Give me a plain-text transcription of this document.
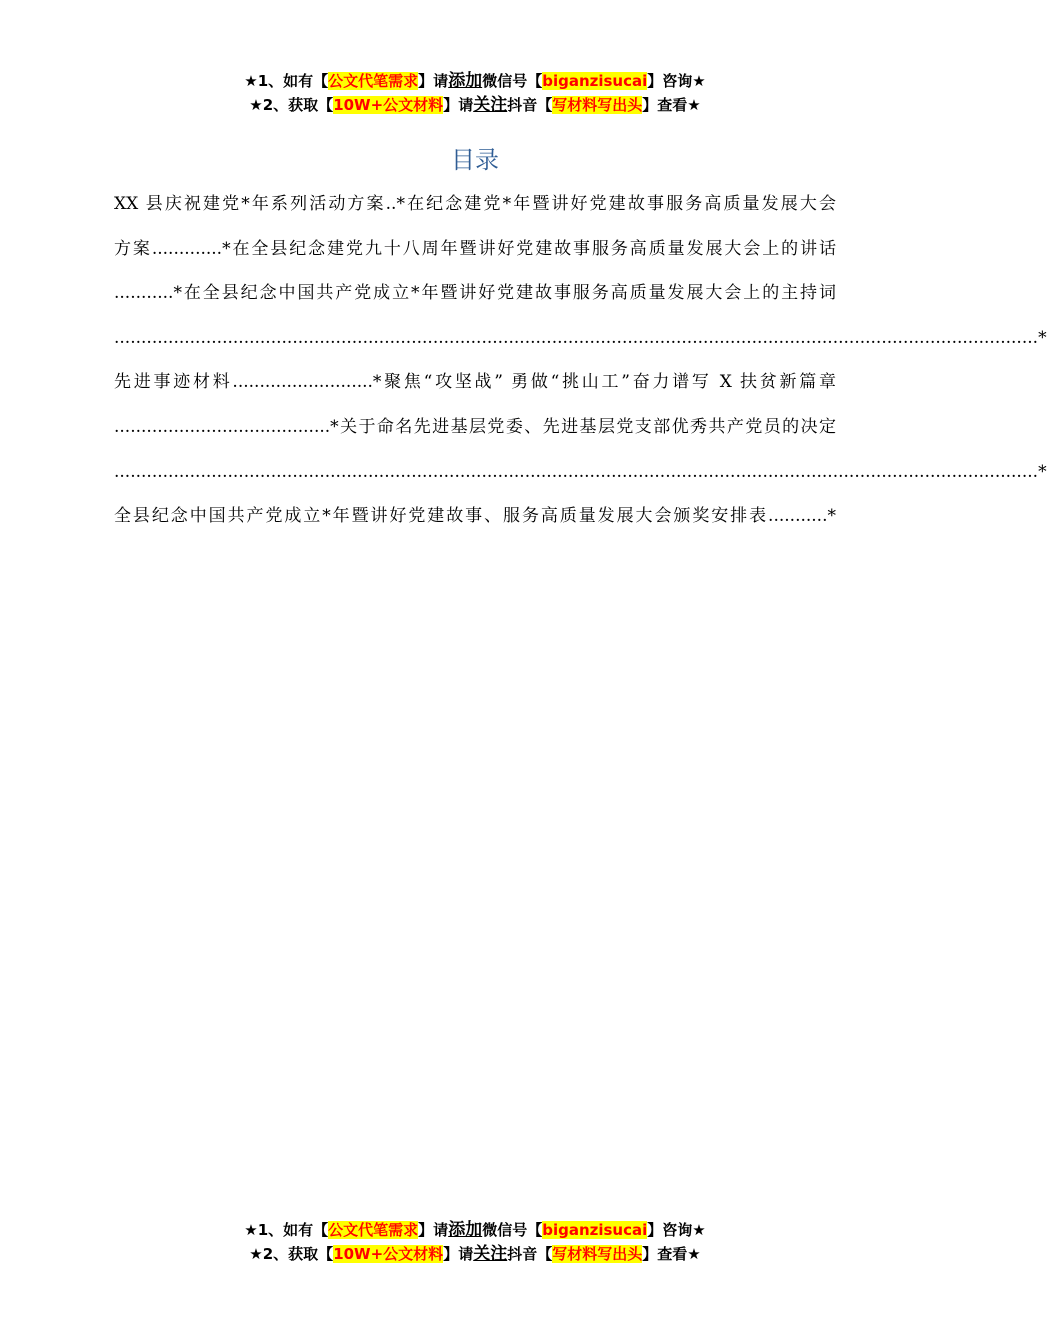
★1、如有【公文代笔需求】请添加微信号【biganzisucai】咨询★
★2、获取【10W+公文材料】请关注抖音【写材料写出头】查看★
目录
XX 县庆祝建党*年系列活动方案..*在纪念建党*年暨讲好党建故事服务高质量发展大会
方案.............*在全县纪念建党九十八周年暨讲好党建故事服务高质量发展大会上的讲话
...........*在全县纪念中国共产党成立*年暨讲好党建故事服务高质量发展大会上的主持词
........................................................................................................................................................................... *
先进事迹材料..........................*聚焦“攻坚战” 勇做“挑山工”奋力谱写 X 扶贫新篇章
........................................*关于命名先进基层党委、先进基层党支部优秀共产党员的决定
........................................................................................................................................................................... *
全县纪念中国共产党成立*年暨讲好党建故事、服务高质量发展大会颁奖安排表...........*
★1、如有【公文代笔需求】请添加微信号【biganzisucai】咨询★
★2、获取【10W+公文材料】请关注抖音【写材料写出头】查看★
